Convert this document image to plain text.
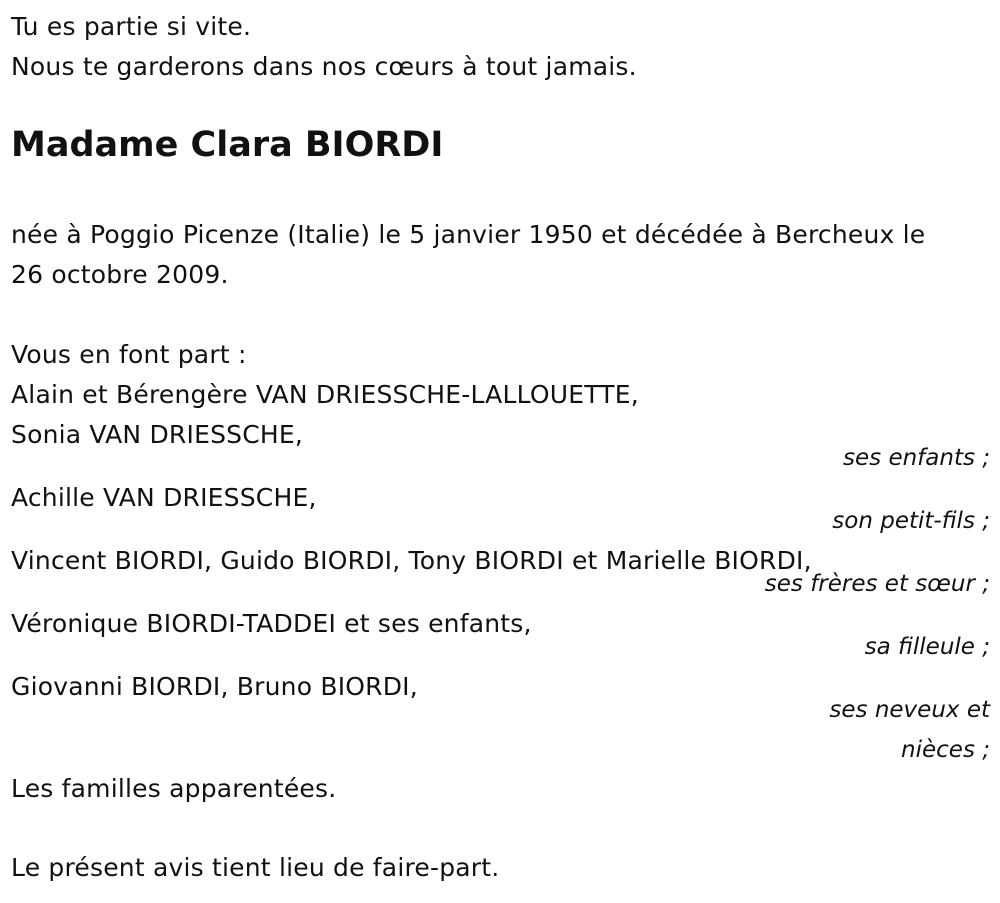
Tu es partie si vite.
Nous te garderons dans nos cœurs à tout jamais.
Madame Clara BIORDI
née à Poggio Picenze (Italie) le 5 janvier 1950 et décédée à Bercheux le
26 octobre 2009.
Vous en font part :
Alain et Bérengère VAN DRIESSCHE-LALLOUETTE,
Sonia VAN DRIESSCHE,
ses enfants ;
Achille VAN DRIESSCHE,
son petit-fils ;
Vincent BIORDI, Guido BIORDI, Tony BIORDI et Marielle BIORDI,
ses frères et sœur ;
Véronique BIORDI-TADDEI et ses enfants,
sa filleule ;
Giovanni BIORDI, Bruno BIORDI,
ses neveux et
nièces ;
Les familles apparentées.
Le présent avis tient lieu de faire-part.
